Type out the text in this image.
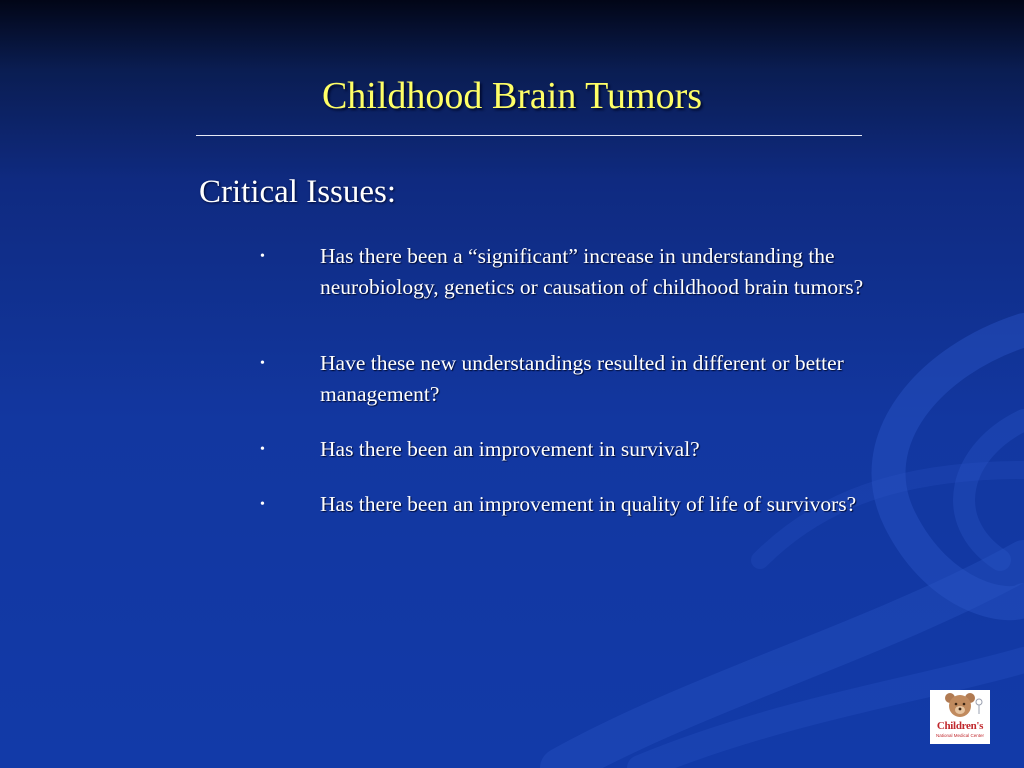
Childhood Brain Tumors
Critical Issues:
•	Has there been a “significant” increase in understanding the neurobiology, genetics or causation of childhood brain tumors?
•	Have these new understandings resulted in different or better management?
•	Has there been an improvement in survival?
•	Has there been an improvement in quality of life of survivors?
Children's
National Medical Center
